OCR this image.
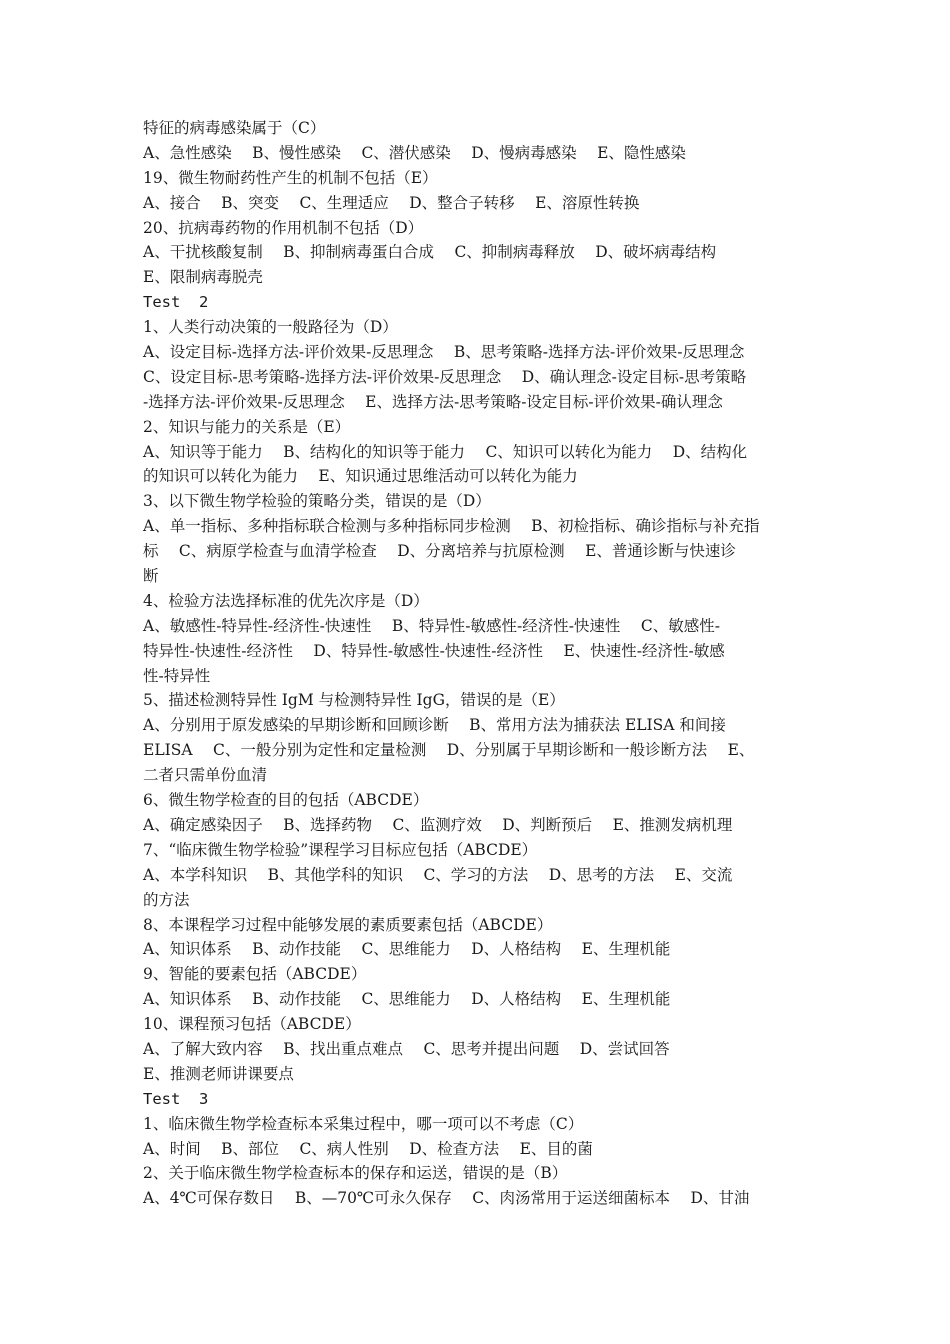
特征的病毒感染属于（C）
A、急性感染　 B、慢性感染　 C、潜伏感染　 D、慢病毒感染　 E、隐性感染
19、微生物耐药性产生的机制不包括（E）
A、接合　 B、突变　 C、生理适应　 D、整合子转移　 E、溶原性转换
20、抗病毒药物的作用机制不包括（D）
A、干扰核酸复制　 B、抑制病毒蛋白合成　 C、抑制病毒释放　 D、破坏病毒结构
E、限制病毒脱壳
Test  2
1、人类行动决策的一般路径为（D）
A、设定目标-选择方法-评价效果-反思理念　 B、思考策略-选择方法-评价效果-反思理念
C、设定目标-思考策略-选择方法-评价效果-反思理念　 D、确认理念-设定目标-思考策略
-选择方法-评价效果-反思理念　 E、选择方法-思考策略-设定目标-评价效果-确认理念
2、知识与能力的关系是（E）
A、知识等于能力　 B、结构化的知识等于能力　 C、知识可以转化为能力　 D、结构化
的知识可以转化为能力　 E、知识通过思维活动可以转化为能力
3、以下微生物学检验的策略分类，错误的是（D）
A、单一指标、多种指标联合检测与多种指标同步检测　 B、初检指标、确诊指标与补充指
标　 C、病原学检查与血清学检查　 D、分离培养与抗原检测　 E、普通诊断与快速诊
断
4、检验方法选择标准的优先次序是（D）
A、敏感性-特异性-经济性-快速性　 B、特异性-敏感性-经济性-快速性　 C、敏感性-
特异性-快速性-经济性　 D、特异性-敏感性-快速性-经济性　 E、快速性-经济性-敏感
性-特异性
5、描述检测特异性 IgM 与检测特异性 IgG，错误的是（E）
A、分别用于原发感染的早期诊断和回顾诊断　 B、常用方法为捕获法 ELISA 和间接
ELISA　 C、一般分别为定性和定量检测　 D、分别属于早期诊断和一般诊断方法　 E、
二者只需单份血清
6、微生物学检查的目的包括（ABCDE）
A、确定感染因子　 B、选择药物　 C、监测疗效　 D、判断预后　 E、推测发病机理
7、“临床微生物学检验”课程学习目标应包括（ABCDE）
A、本学科知识　 B、其他学科的知识　 C、学习的方法　 D、思考的方法　 E、交流
的方法
8、本课程学习过程中能够发展的素质要素包括（ABCDE）
A、知识体系　 B、动作技能　 C、思维能力　 D、人格结构　 E、生理机能
9、智能的要素包括（ABCDE）
A、知识体系　 B、动作技能　 C、思维能力　 D、人格结构　 E、生理机能
10、课程预习包括（ABCDE）
A、了解大致内容　 B、找出重点难点　 C、思考并提出问题　 D、尝试回答
E、推测老师讲课要点
Test  3
1、临床微生物学检查标本采集过程中，哪一项可以不考虑（C）
A、时间　 B、部位　 C、病人性别　 D、检查方法　 E、目的菌
2、关于临床微生物学检查标本的保存和运送，错误的是（B）
A、4℃可保存数日　 B、—70℃可永久保存　 C、肉汤常用于运送细菌标本　 D、甘油
